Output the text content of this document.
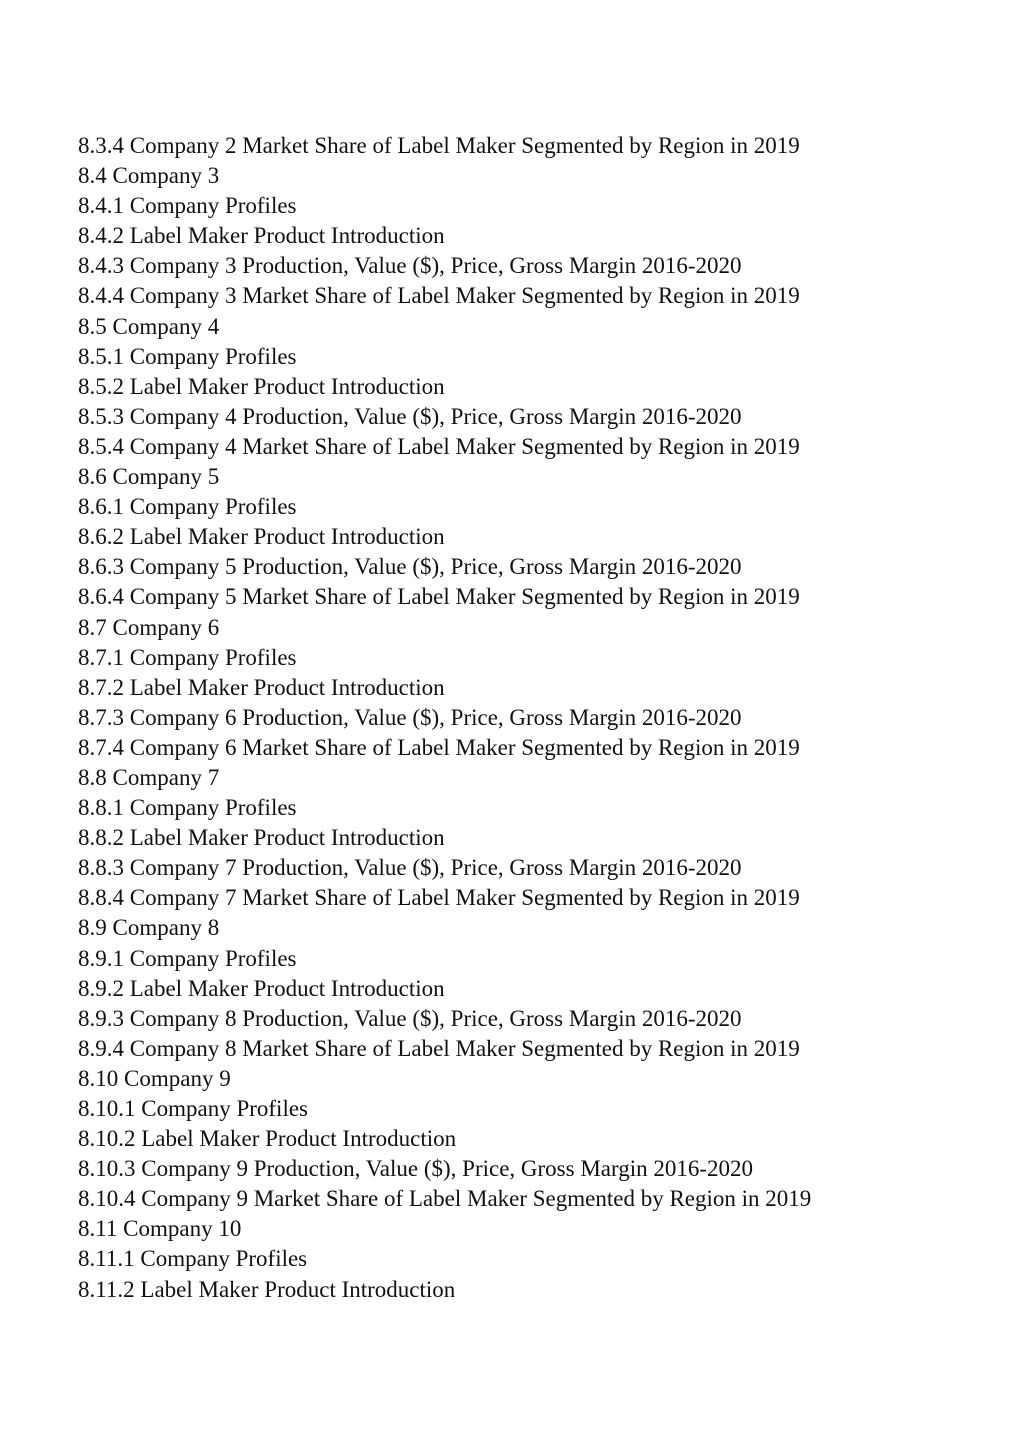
8.3.4 Company 2 Market Share of Label Maker Segmented by Region in 2019
8.4 Company 3
8.4.1 Company Profiles
8.4.2 Label Maker Product Introduction
8.4.3 Company 3 Production, Value ($), Price, Gross Margin 2016-2020
8.4.4 Company 3 Market Share of Label Maker Segmented by Region in 2019
8.5 Company 4
8.5.1 Company Profiles
8.5.2 Label Maker Product Introduction
8.5.3 Company 4 Production, Value ($), Price, Gross Margin 2016-2020
8.5.4 Company 4 Market Share of Label Maker Segmented by Region in 2019
8.6 Company 5
8.6.1 Company Profiles
8.6.2 Label Maker Product Introduction
8.6.3 Company 5 Production, Value ($), Price, Gross Margin 2016-2020
8.6.4 Company 5 Market Share of Label Maker Segmented by Region in 2019
8.7 Company 6
8.7.1 Company Profiles
8.7.2 Label Maker Product Introduction
8.7.3 Company 6 Production, Value ($), Price, Gross Margin 2016-2020
8.7.4 Company 6 Market Share of Label Maker Segmented by Region in 2019
8.8 Company 7
8.8.1 Company Profiles
8.8.2 Label Maker Product Introduction
8.8.3 Company 7 Production, Value ($), Price, Gross Margin 2016-2020
8.8.4 Company 7 Market Share of Label Maker Segmented by Region in 2019
8.9 Company 8
8.9.1 Company Profiles
8.9.2 Label Maker Product Introduction
8.9.3 Company 8 Production, Value ($), Price, Gross Margin 2016-2020
8.9.4 Company 8 Market Share of Label Maker Segmented by Region in 2019
8.10 Company 9
8.10.1 Company Profiles
8.10.2 Label Maker Product Introduction
8.10.3 Company 9 Production, Value ($), Price, Gross Margin 2016-2020
8.10.4 Company 9 Market Share of Label Maker Segmented by Region in 2019
8.11 Company 10
8.11.1 Company Profiles
8.11.2 Label Maker Product Introduction
